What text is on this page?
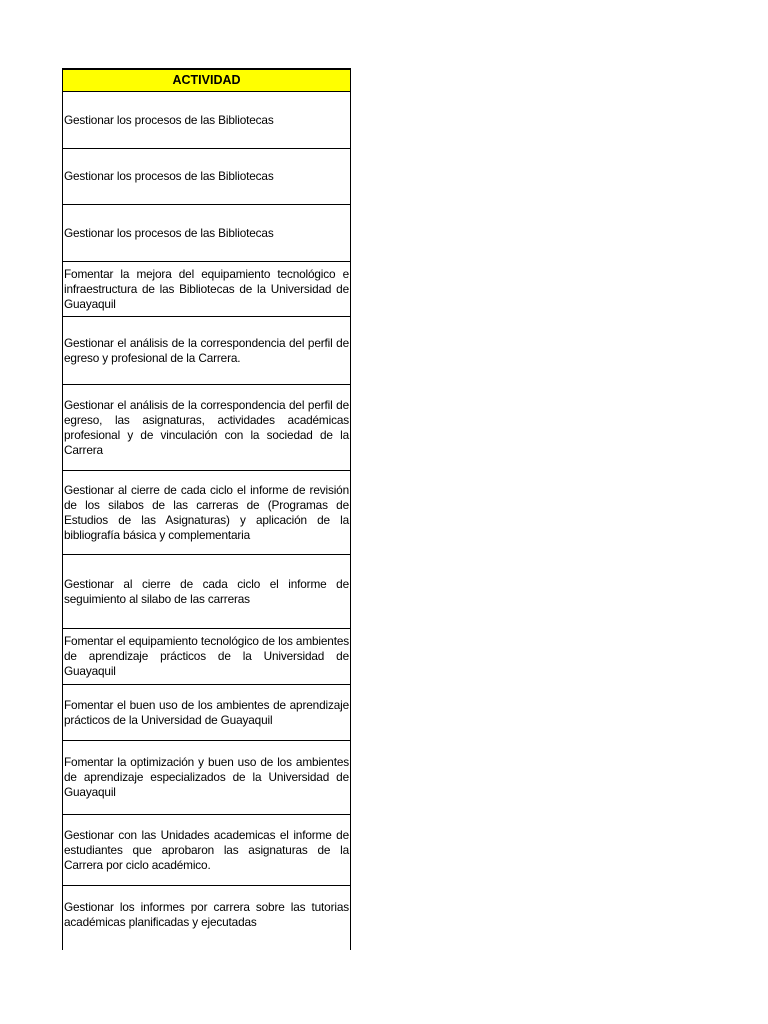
ACTIVIDAD
Gestionar los procesos de las Bibliotecas
Gestionar los procesos de las Bibliotecas
Gestionar los procesos de las Bibliotecas
Fomentar la mejora del equipamiento tecnológico e infraestructura de las Bibliotecas de la Universidad de Guayaquil
Gestionar el análisis de la correspondencia del perfil de egreso y profesional de la Carrera.
Gestionar el análisis de la correspondencia del perfil de egreso, las asignaturas, actividades académicas profesional y de vinculación con la sociedad de la Carrera
Gestionar al cierre de cada ciclo el informe de revisión de los silabos de las carreras de (Programas de Estudios de las Asignaturas) y aplicación de la bibliografía básica y complementaria
Gestionar al cierre de cada ciclo el informe de seguimiento al silabo de las carreras
Fomentar el equipamiento tecnológico de los ambientes de aprendizaje prácticos de la Universidad de Guayaquil
Fomentar el buen uso de los ambientes de aprendizaje prácticos de la Universidad de Guayaquil
Fomentar la optimización y buen uso de los ambientes de aprendizaje especializados de la Universidad de Guayaquil
Gestionar con las Unidades academicas el informe de estudiantes que aprobaron las asignaturas de la Carrera por ciclo académico.
Gestionar los informes por carrera sobre las tutorias académicas planificadas y ejecutadas
